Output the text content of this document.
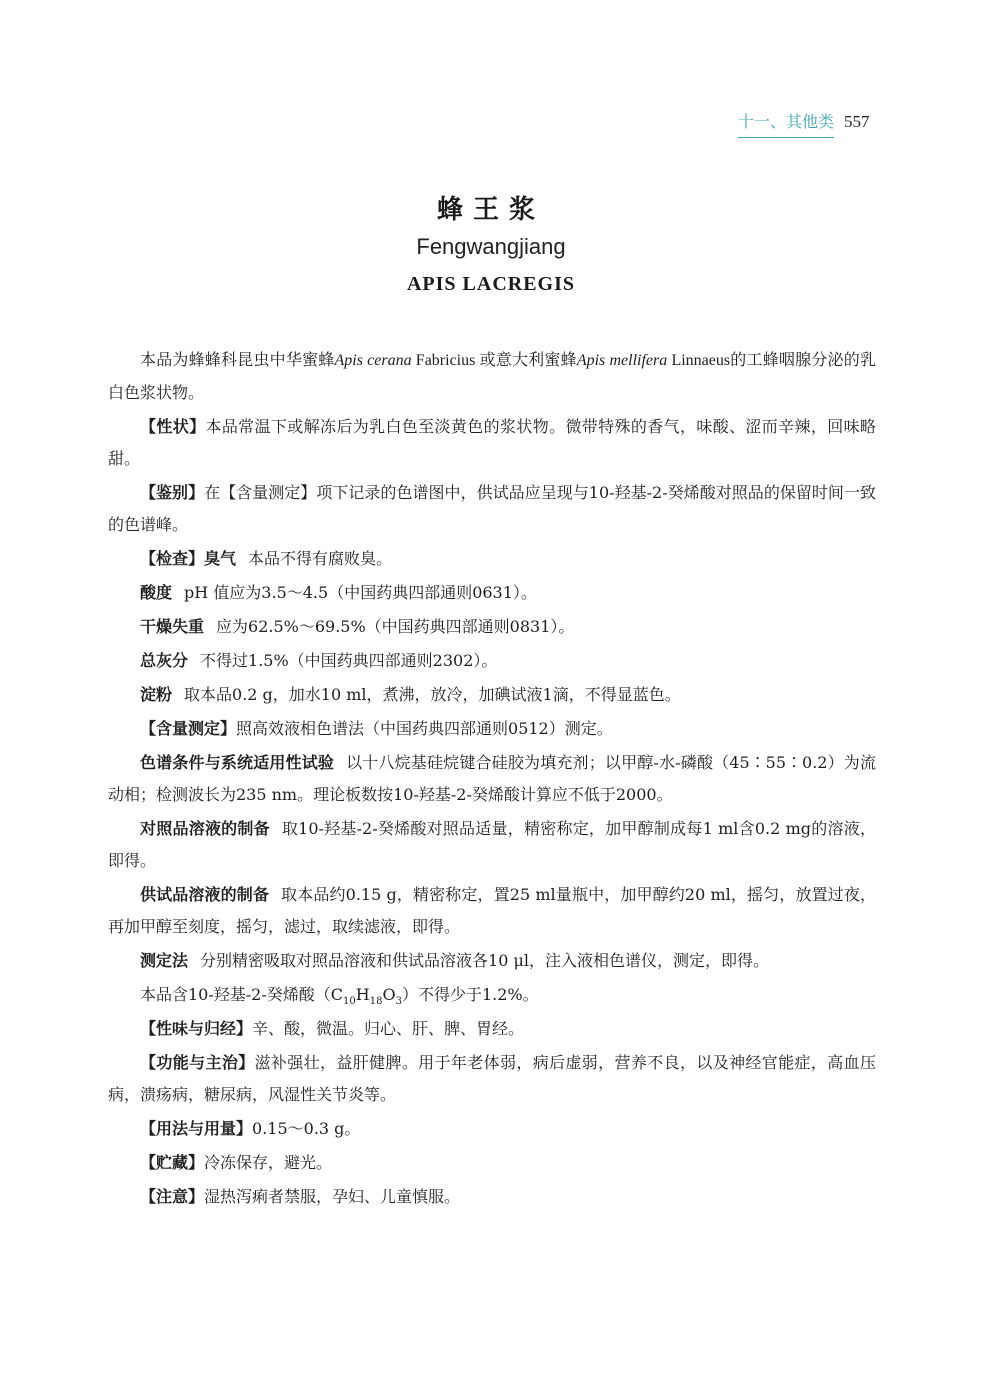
十一、其他类 557
蜂王浆
Fengwangjiang
APIS LACREGIS

本品为蜂蜂科昆虫中华蜜蜂Apis cerana Fabricius 或意大利蜜蜂Apis mellifera Linnaeus的工蜂咽腺分泌的乳白色浆状物。

【性状】本品常温下或解冻后为乳白色至淡黄色的浆状物。微带特殊的香气，味酸、涩而辛辣，回味略甜。

【鉴别】在【含量测定】项下记录的色谱图中，供试品应呈现与10-羟基-2-癸烯酸对照品的保留时间一致的色谱峰。

【检查】臭气 本品不得有腐败臭。

酸度 pH 值应为3.5～4.5（中国药典四部通则0631）。

干燥失重 应为62.5%～69.5%（中国药典四部通则0831）。

总灰分 不得过1.5%（中国药典四部通则2302）。

淀粉 取本品0.2 g，加水10 ml，煮沸，放冷，加碘试液1滴，不得显蓝色。

【含量测定】照高效液相色谱法（中国药典四部通则0512）测定。

色谱条件与系统适用性试验 以十八烷基硅烷键合硅胶为填充剂；以甲醇-水-磷酸（45∶55∶0.2）为流动相；检测波长为235 nm。理论板数按10-羟基-2-癸烯酸计算应不低于2000。

对照品溶液的制备 取10-羟基-2-癸烯酸对照品适量，精密称定，加甲醇制成每1 ml含0.2 mg的溶液，即得。

供试品溶液的制备 取本品约0.15 g，精密称定，置25 ml量瓶中，加甲醇约20 ml，摇匀，放置过夜，再加甲醇至刻度，摇匀，滤过，取续滤液，即得。

测定法 分别精密吸取对照品溶液和供试品溶液各10 μl，注入液相色谱仪，测定，即得。

本品含10-羟基-2-癸烯酸$(C_{10}H_{18}O_3)$不得少于1.2%。

【性味与归经】辛、酸，微温。归心、肝、脾、胃经。

【功能与主治】滋补强壮，益肝健脾。用于年老体弱，病后虚弱，营养不良，以及神经官能症，高血压病，溃疡病，糖尿病，风湿性关节炎等。

【用法与用量】0.15～0.3 g。

【贮藏】冷冻保存，避光。

【注意】湿热泻痢者禁服，孕妇、儿童慎服。
